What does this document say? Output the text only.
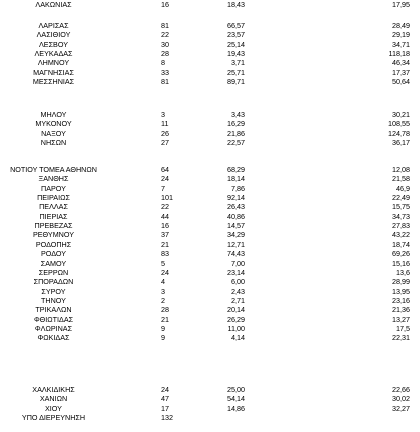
ΛΑΚΩΝΙΑΣ	16	18,43	17,95
ΛΑΡΙΣΑΣ	81	66,57	28,49
ΛΑΣΙΘΙΟΥ	22	23,57	29,19
ΛΕΣΒΟΥ	30	25,14	34,71
ΛΕΥΚΑΔΑΣ	28	19,43	118,18
ΛΗΜΝΟΥ	8	3,71	46,34
ΜΑΓΝΗΣΙΑΣ	33	25,71	17,37
ΜΕΣΣΗΝΙΑΣ	81	89,71	50,64
ΜΗΛΟΥ	3	3,43	30,21
ΜΥΚΟΝΟΥ	11	16,29	108,55
ΝΑΞΟΥ	26	21,86	124,78
ΝΗΣΩΝ	27	22,57	36,17
ΝΟΤΙΟΥ ΤΟΜΕΑ ΑΘΗΝΩΝ	64	68,29	12,08
ΞΑΝΘΗΣ	24	18,14	21,58
ΠΑΡΟΥ	7	7,86	46,9
ΠΕΙΡΑΙΩΣ	101	92,14	22,49
ΠΕΛΛΑΣ	22	26,43	15,75
ΠΙΕΡΙΑΣ	44	40,86	34,73
ΠΡΕΒΕΖΑΣ	16	14,57	27,83
ΡΕΘΥΜΝΟΥ	37	34,29	43,22
ΡΟΔΟΠΗΣ	21	12,71	18,74
ΡΟΔΟΥ	83	74,43	69,26
ΣΑΜΟΥ	5	7,00	15,16
ΣΕΡΡΩΝ	24	23,14	13,6
ΣΠΟΡΑΔΩΝ	4	6,00	28,99
ΣΥΡΟΥ	3	2,43	13,95
ΤΗΝΟΥ	2	2,71	23,16
ΤΡΙΚΑΛΩΝ	28	20,14	21,36
ΦΘΙΩΤΙΔΑΣ	21	26,29	13,27
ΦΛΩΡΙΝΑΣ	9	11,00	17,5
ΦΩΚΙΔΑΣ	9	4,14	22,31
ΧΑΛΚΙΔΙΚΗΣ	24	25,00	22,66
ΧΑΝΙΩΝ	47	54,14	30,02
ΧΙΟΥ	17	14,86	32,27
ΥΠΟ ΔΙΕΡΕΥΝΗΣΗ	132
